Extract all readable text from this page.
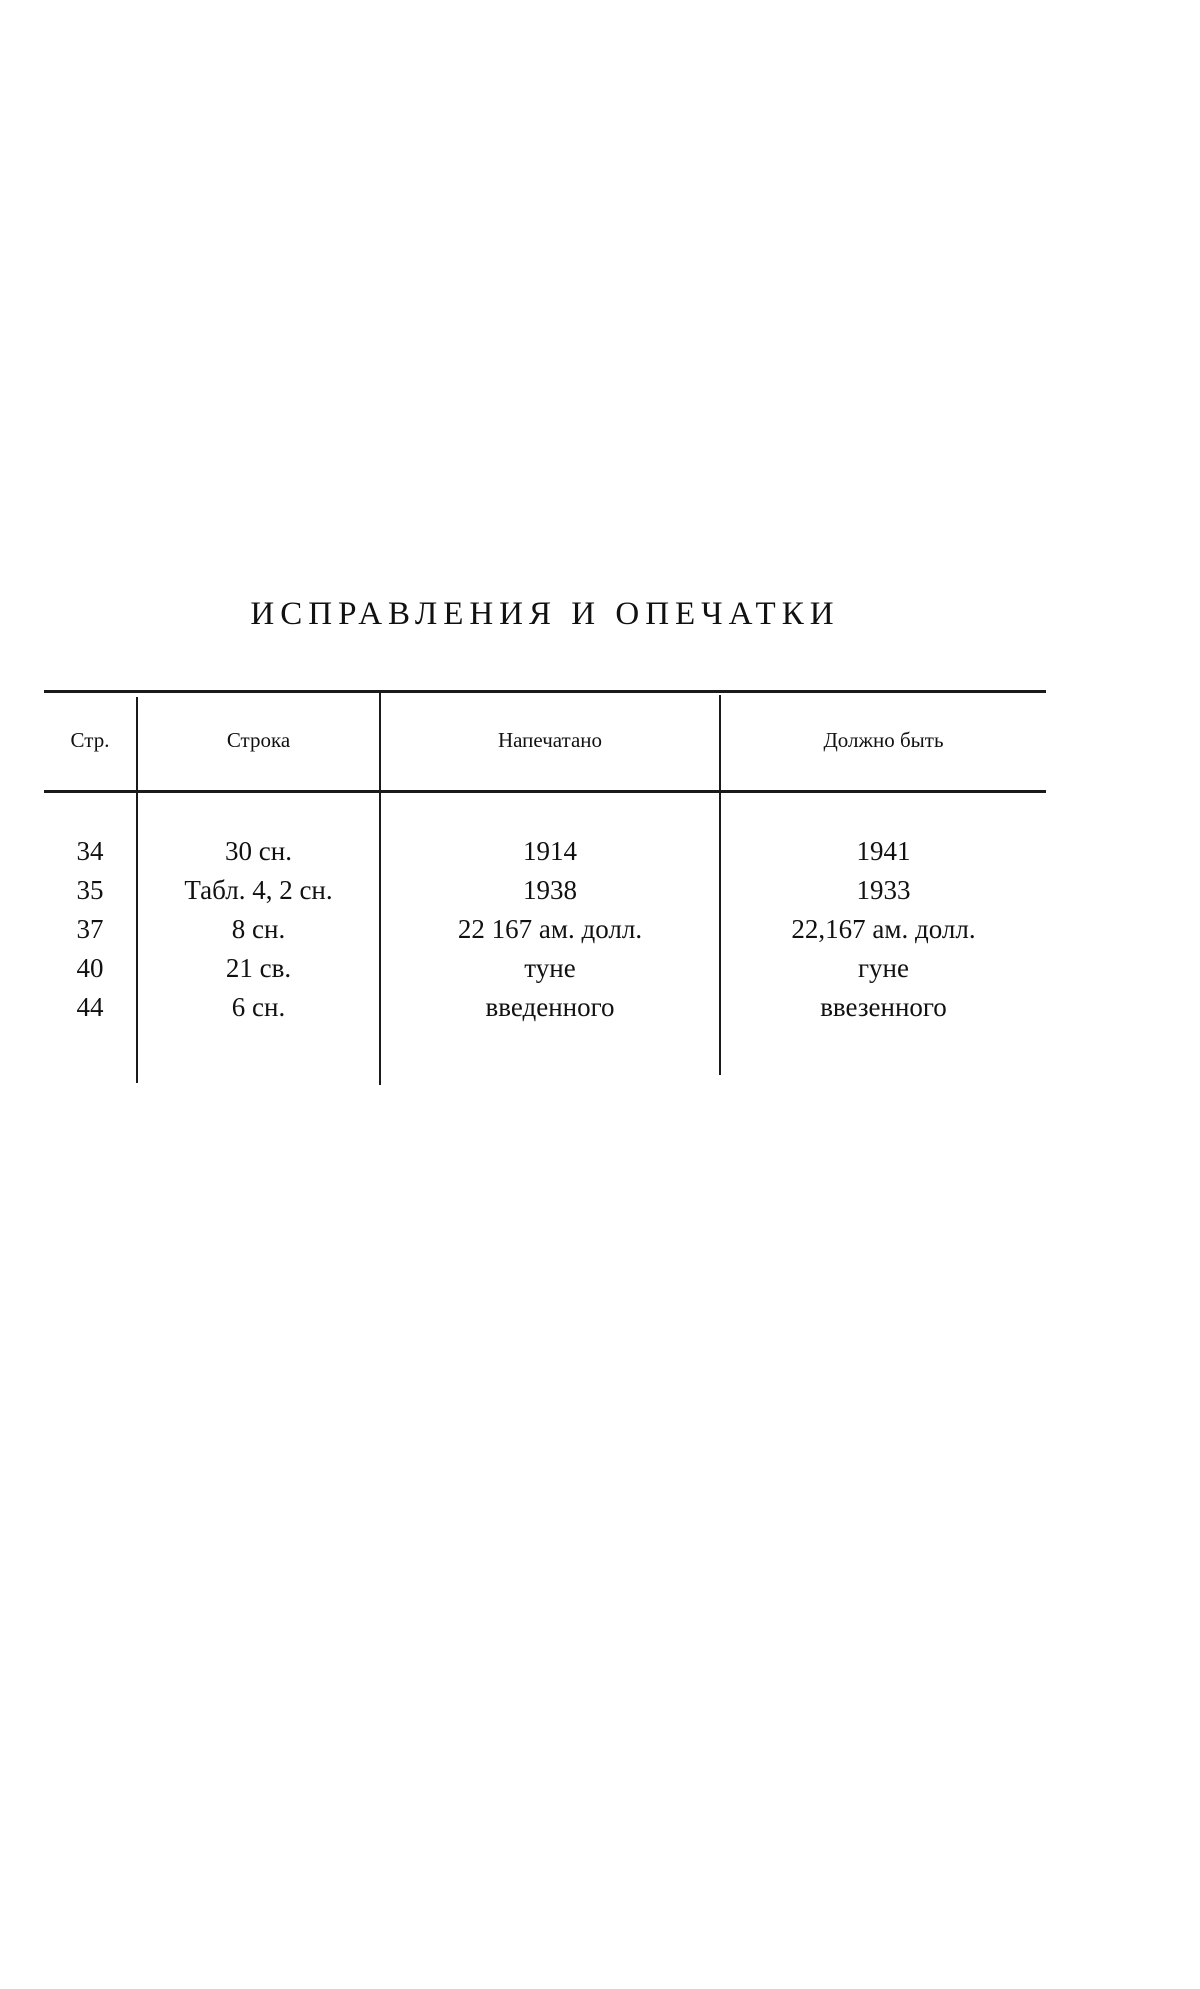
ИСПРАВЛЕНИЯ И ОПЕЧАТКИ
Стр.	Строка	Напечатано	Должно быть
34	30 сн.	1914	1941
35	Табл. 4, 2 сн.	1938	1933
37	8 сн.	22 167 ам. долл.	22,167 ам. долл.
40	21 св.	туне	гуне
44	6 сн.	введенного	ввезенного
